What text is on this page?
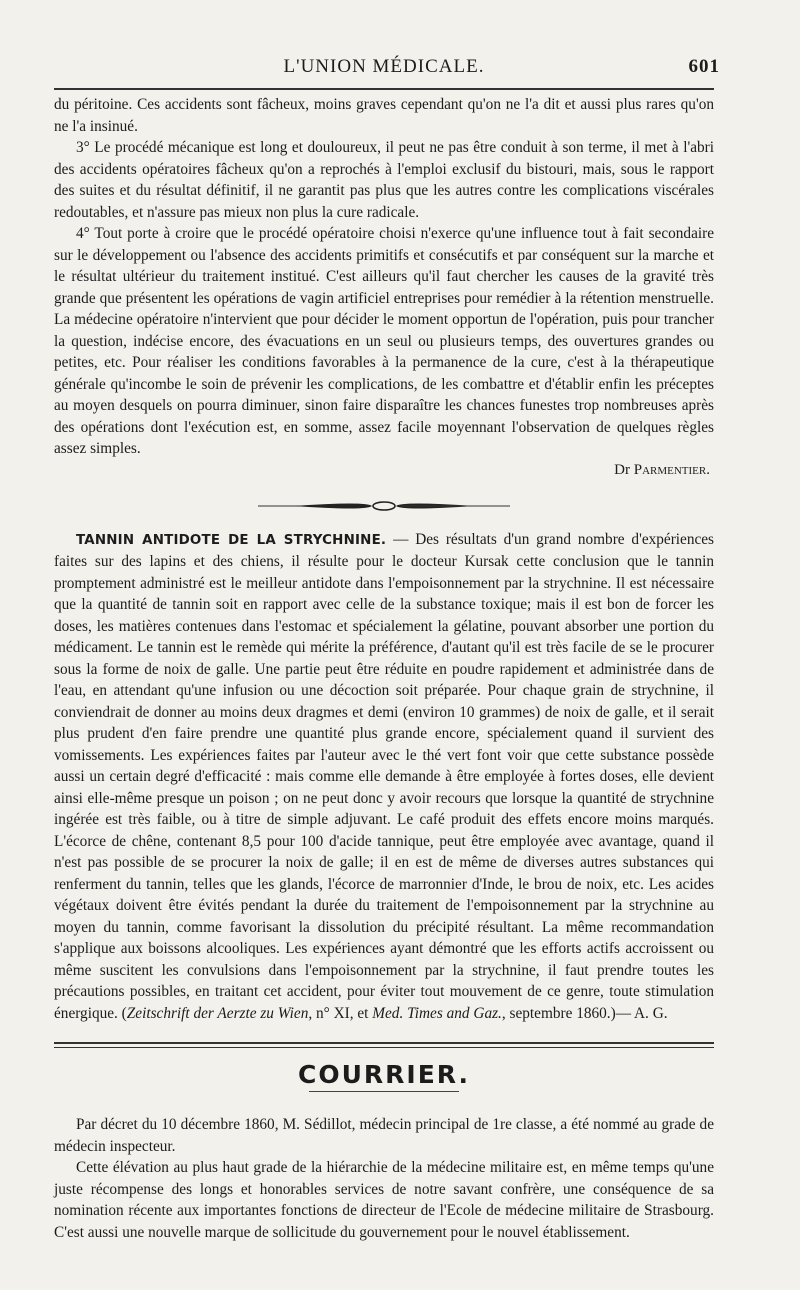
L'UNION MÉDICALE.	601

du péritoine. Ces accidents sont fâcheux, moins graves cependant qu'on ne l'a dit et aussi plus rares qu'on ne l'a insinué.

3° Le procédé mécanique est long et douloureux, il peut ne pas être conduit à son terme, il met à l'abri des accidents opératoires fâcheux qu'on a reprochés à l'emploi exclusif du bistouri, mais, sous le rapport des suites et du résultat définitif, il ne garantit pas plus que les autres contre les complications viscérales redoutables, et n'assure pas mieux non plus la cure radicale.

4° Tout porte à croire que le procédé opératoire choisi n'exerce qu'une influence tout à fait secondaire sur le développement ou l'absence des accidents primitifs et consécutifs et par conséquent sur la marche et le résultat ultérieur du traitement institué. C'est ailleurs qu'il faut chercher les causes de la gravité très grande que présentent les opérations de vagin artificiel entreprises pour remédier à la rétention menstruelle. La médecine opératoire n'intervient que pour décider le moment opportun de l'opération, puis pour trancher la question, indécise encore, des évacuations en un seul ou plusieurs temps, des ouvertures grandes ou petites, etc. Pour réaliser les conditions favorables à la permanence de la cure, c'est à la thérapeutique générale qu'incombe le soin de prévenir les complications, de les combattre et d'établir enfin les préceptes au moyen desquels on pourra diminuer, sinon faire disparaître les chances funestes trop nombreuses après des opérations dont l'exécution est, en somme, assez facile moyennant l'observation de quelques règles assez simples.

Dr Parmentier.

TANNIN ANTIDOTE DE LA STRYCHNINE. — Des résultats d'un grand nombre d'expériences faites sur des lapins et des chiens, il résulte pour le docteur Kursak cette conclusion que le tannin promptement administré est le meilleur antidote dans l'empoisonnement par la strychnine. Il est nécessaire que la quantité de tannin soit en rapport avec celle de la substance toxique; mais il est bon de forcer les doses, les matières contenues dans l'estomac et spécialement la gélatine, pouvant absorber une portion du médicament. Le tannin est le remède qui mérite la préférence, d'autant qu'il est très facile de se le procurer sous la forme de noix de galle. Une partie peut être réduite en poudre rapidement et administrée dans de l'eau, en attendant qu'une infusion ou une décoction soit préparée. Pour chaque grain de strychnine, il conviendrait de donner au moins deux dragmes et demi (environ 10 grammes) de noix de galle, et il serait plus prudent d'en faire prendre une quantité plus grande encore, spécialement quand il survient des vomissements. Les expériences faites par l'auteur avec le thé vert font voir que cette substance possède aussi un certain degré d'efficacité : mais comme elle demande à être employée à fortes doses, elle devient ainsi elle-même presque un poison ; on ne peut donc y avoir recours que lorsque la quantité de strychnine ingérée est très faible, ou à titre de simple adjuvant. Le café produit des effets encore moins marqués. L'écorce de chêne, contenant 8,5 pour 100 d'acide tannique, peut être employée avec avantage, quand il n'est pas possible de se procurer la noix de galle; il en est de même de diverses autres substances qui renferment du tannin, telles que les glands, l'écorce de marronnier d'Inde, le brou de noix, etc. Les acides végétaux doivent être évités pendant la durée du traitement de l'empoisonnement par la strychnine au moyen du tannin, comme favorisant la dissolution du précipité résultant. La même recommandation s'applique aux boissons alcooliques. Les expériences ayant démontré que les efforts actifs accroissent ou même suscitent les convulsions dans l'empoisonnement par la strychnine, il faut prendre toutes les précautions possibles, en traitant cet accident, pour éviter tout mouvement de ce genre, toute stimulation énergique. (Zeitschrift der Aerzte zu Wien, n° XI, et Med. Times and Gaz., septembre 1860.)— A. G.

COURRIER.

Par décret du 10 décembre 1860, M. Sédillot, médecin principal de 1re classe, a été nommé au grade de médecin inspecteur.

Cette élévation au plus haut grade de la hiérarchie de la médecine militaire est, en même temps qu'une juste récompense des longs et honorables services de notre savant confrère, une conséquence de sa nomination récente aux importantes fonctions de directeur de l'Ecole de médecine militaire de Strasbourg. C'est aussi une nouvelle marque de sollicitude du gouvernement pour le nouvel établissement.
